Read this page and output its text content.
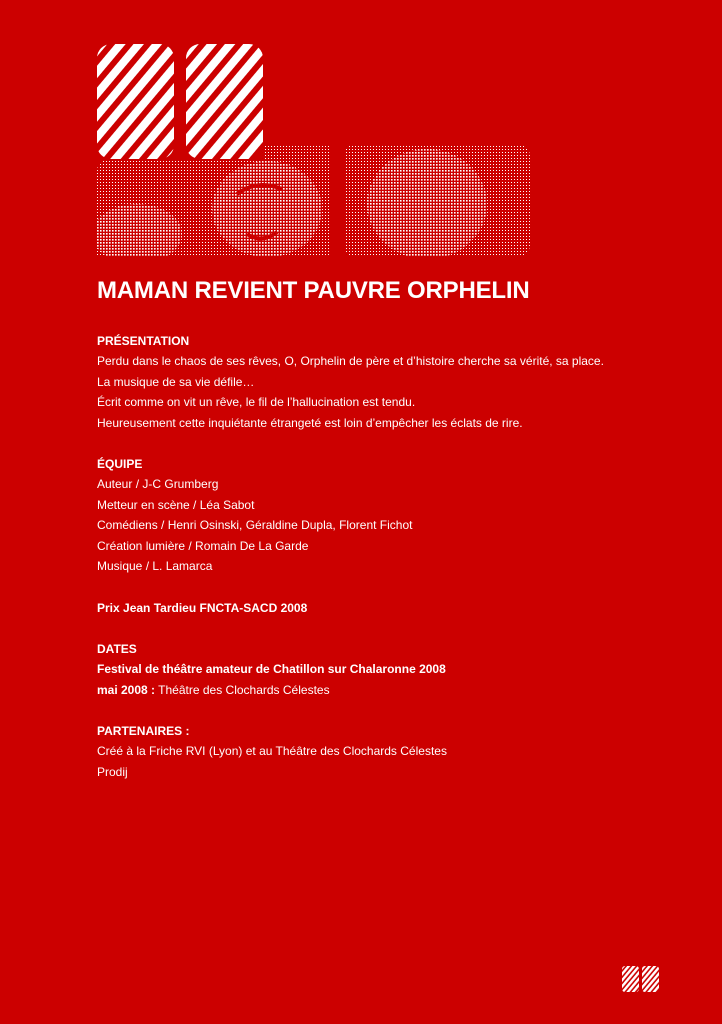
MAMAN REVIENT PAUVRE ORPHELIN
PRÉSENTATION
Perdu dans le chaos de ses rêves, O, Orphelin de père et d’histoire cherche sa vérité, sa place.
La musique de sa vie défile…
Écrit comme on vit un rêve, le fil de l’hallucination est tendu.
Heureusement cette inquiétante étrangeté est loin d’empêcher les éclats de rire.
ÉQUIPE
Auteur / J-C Grumberg
Metteur en scène / Léa Sabot
Comédiens / Henri Osinski, Géraldine Dupla, Florent Fichot
Création lumière / Romain De La Garde
Musique / L. Lamarca
Prix Jean Tardieu FNCTA-SACD 2008
DATES
Festival de théâtre amateur de Chatillon sur Chalaronne 2008
mai 2008 : Théâtre des Clochards Célestes
PARTENAIRES :
Créé à la Friche RVI (Lyon) et au Théâtre des Clochards Célestes
Prodij
